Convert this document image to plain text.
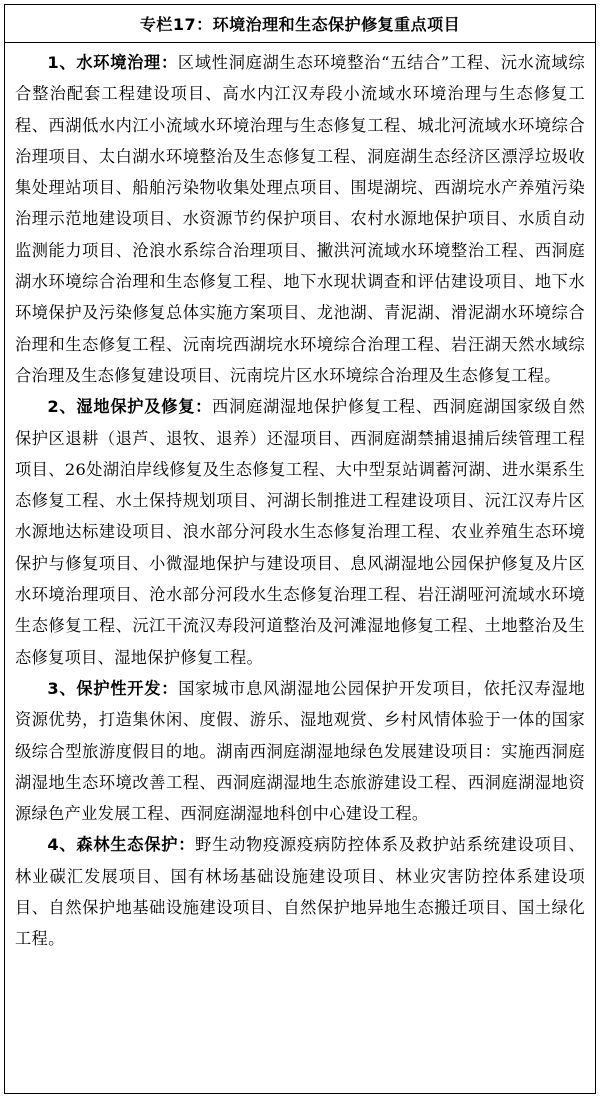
专栏17：环境治理和生态保护修复重点项目

1、水环境治理：区域性洞庭湖生态环境整治“五结合”工程、沅水流域综合整治配套工程建设项目、高水内江汉寿段小流域水环境治理与生态修复工程、西湖低水内江小流域水环境治理与生态修复工程、城北河流域水环境综合治理项目、太白湖水环境整治及生态修复工程、洞庭湖生态经济区漂浮垃圾收集处理站项目、船舶污染物收集处理点项目、围堤湖垸、西湖垸水产养殖污染治理示范地建设项目、水资源节约保护项目、农村水源地保护项目、水质自动监测能力项目、沧浪水系综合治理项目、撇洪河流域水环境整治工程、西洞庭湖水环境综合治理和生态修复工程、地下水现状调查和评估建设项目、地下水环境保护及污染修复总体实施方案项目、龙池湖、青泥湖、滑泥湖水环境综合治理和生态修复工程、沅南垸西湖垸水环境综合治理工程、岩汪湖天然水域综合治理及生态修复建设项目、沅南垸片区水环境综合治理及生态修复工程。

2、湿地保护及修复：西洞庭湖湿地保护修复工程、西洞庭湖国家级自然保护区退耕（退芦、退牧、退养）还湿项目、西洞庭湖禁捕退捕后续管理工程项目、26处湖泊岸线修复及生态修复工程、大中型泵站调蓄河湖、进水渠系生态修复工程、水土保持规划项目、河湖长制推进工程建设项目、沅江汉寿片区水源地达标建设项目、浪水部分河段水生态修复治理工程、农业养殖生态环境保护与修复项目、小微湿地保护与建设项目、息风湖湿地公园保护修复及片区水环境治理项目、沧水部分河段水生态修复治理工程、岩汪湖哑河流域水环境生态修复工程、沅江干流汉寿段河道整治及河滩湿地修复工程、土地整治及生态修复项目、湿地保护修复工程。

3、保护性开发：国家城市息风湖湿地公园保护开发项目，依托汉寿湿地资源优势，打造集休闲、度假、游乐、湿地观赏、乡村风情体验于一体的国家级综合型旅游度假目的地。湖南西洞庭湖湿地绿色发展建设项目：实施西洞庭湖湿地生态环境改善工程、西洞庭湖湿地生态旅游建设工程、西洞庭湖湿地资源绿色产业发展工程、西洞庭湖湿地科创中心建设工程。

4、森林生态保护：野生动物疫源疫病防控体系及救护站系统建设项目、林业碳汇发展项目、国有林场基础设施建设项目、林业灾害防控体系建设项目、自然保护地基础设施建设项目、自然保护地异地生态搬迁项目、国土绿化工程。
